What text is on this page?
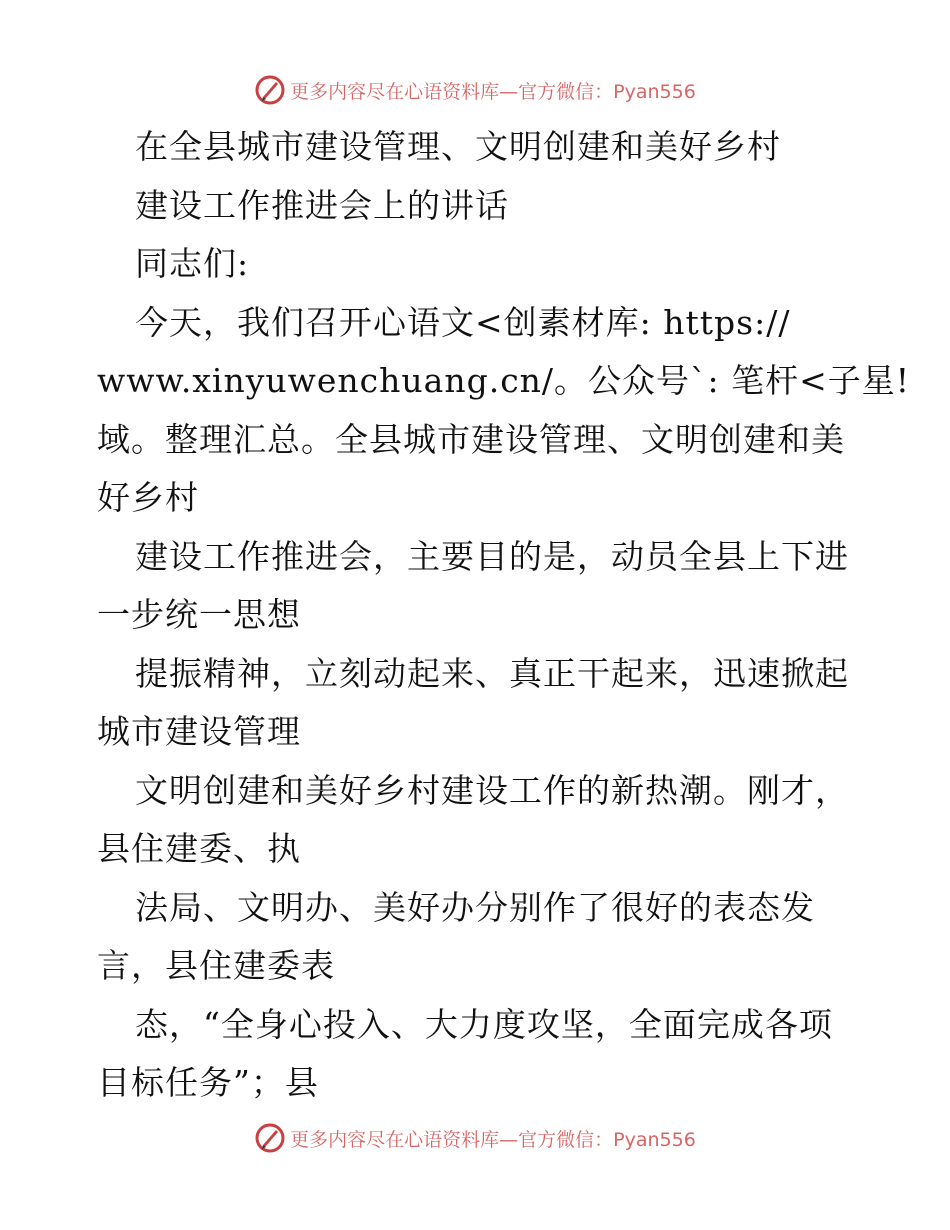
更多内容尽在心语资料库—官方微信：Pyan556
在全县城市建设管理、文明创建和美好乡村
建设工作推进会上的讲话
同志们:
今天，我们召开心语文<创素材库: https://
www.xinyuwenchuang.cn/。公众号`: 笔杆<子星!
域。整理汇总。全县城市建设管理、文明创建和美
好乡村
建设工作推进会，主要目的是，动员全县上下进
一步统一思想
提振精神，立刻动起来、真正干起来，迅速掀起
城市建设管理
文明创建和美好乡村建设工作的新热潮。刚才，
县住建委、执
法局、文明办、美好办分别作了很好的表态发
言，县住建委表
态，“全身心投入、大力度攻坚，全面完成各项
目标任务”；县
更多内容尽在心语资料库—官方微信：Pyan556
